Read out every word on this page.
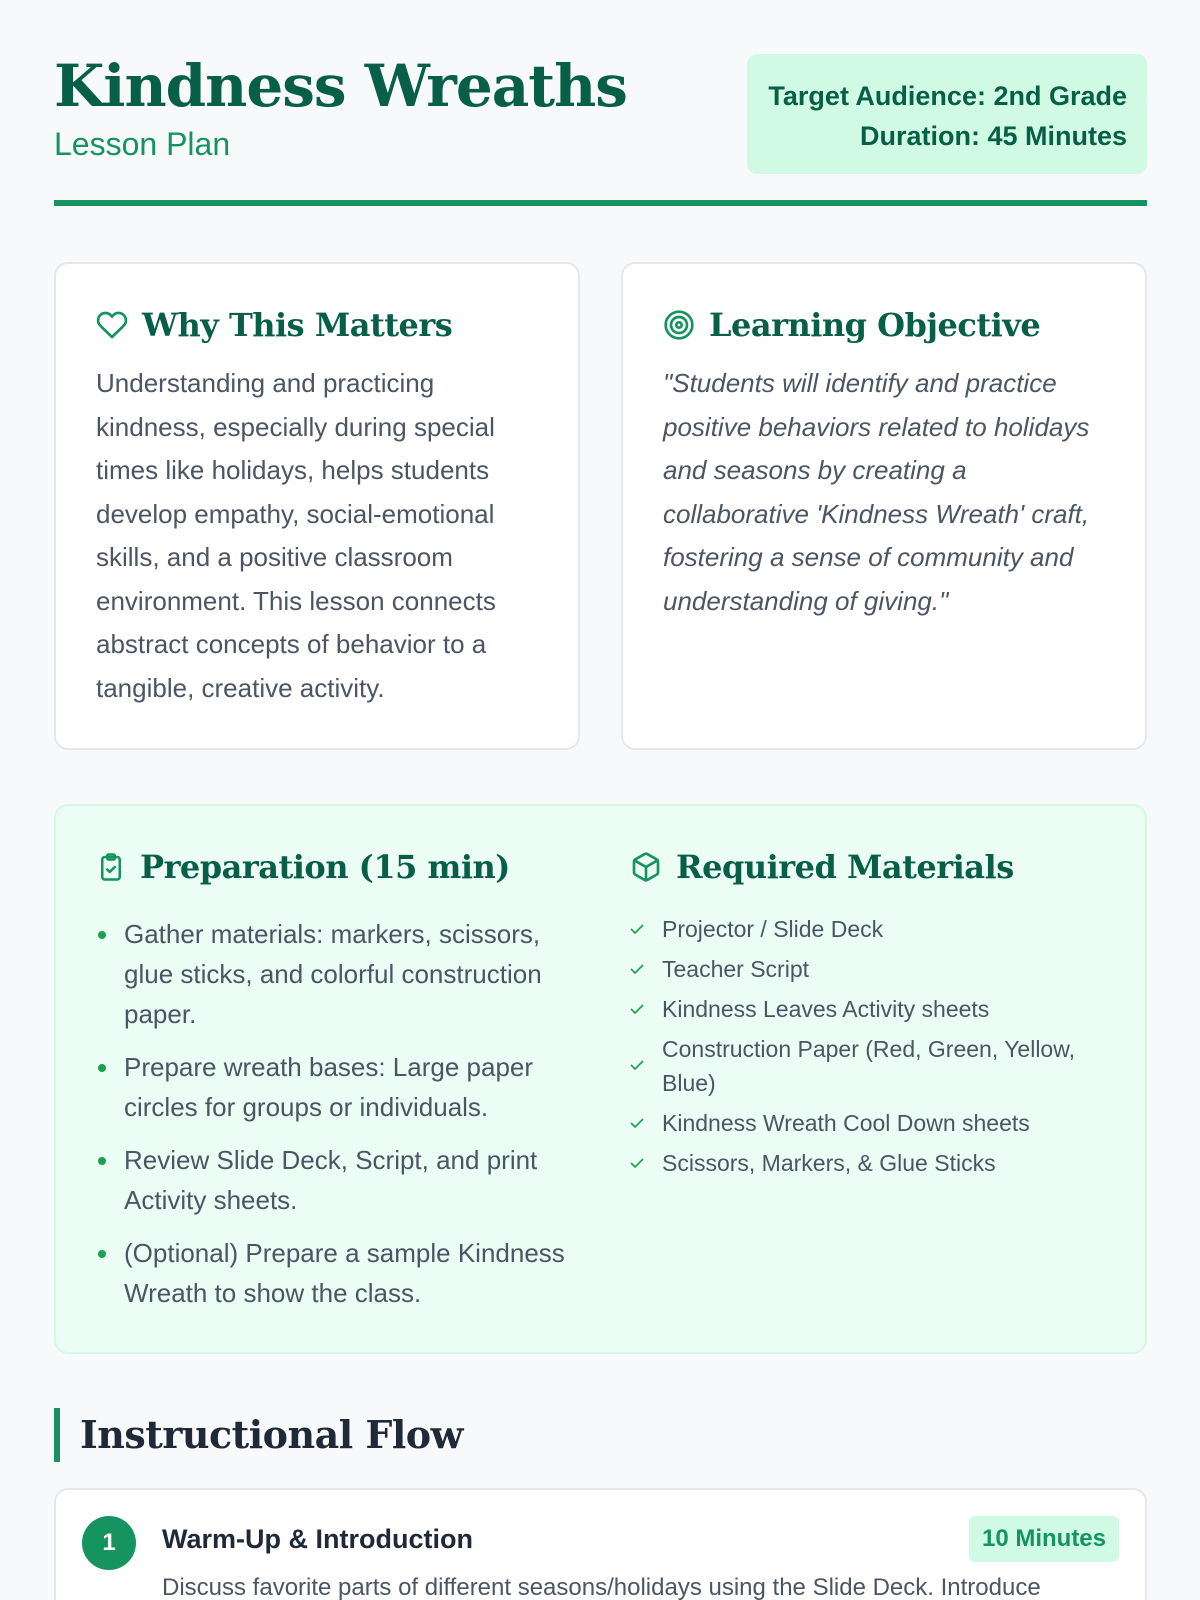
Kindness Wreaths
Lesson Plan
Target Audience: 2nd Grade
Duration: 45 Minutes
Why This Matters

Understanding and practicing kindness, especially during special times like holidays, helps students develop empathy, social-emotional skills, and a positive classroom environment. This lesson connects abstract concepts of behavior to a tangible, creative activity.

Learning Objective

"Students will identify and practice positive behaviors related to holidays and seasons by creating a collaborative 'Kindness Wreath' craft, fostering a sense of community and understanding of giving."

Preparation (15 min)
Gather materials: markers, scissors, glue sticks, and colorful construction paper.
Prepare wreath bases: Large paper circles for groups or individuals.
Review Slide Deck, Script, and print Activity sheets.
(Optional) Prepare a sample Kindness Wreath to show the class.
Required Materials
Projector / Slide Deck
Teacher Script
Kindness Leaves Activity sheets
Construction Paper (Red, Green, Yellow, Blue)
Kindness Wreath Cool Down sheets
Scissors, Markers, & Glue Sticks
Instructional Flow
1	Warm-Up & Introduction	10 Minutes
Discuss favorite parts of different seasons/holidays using the Slide Deck. Introduce
